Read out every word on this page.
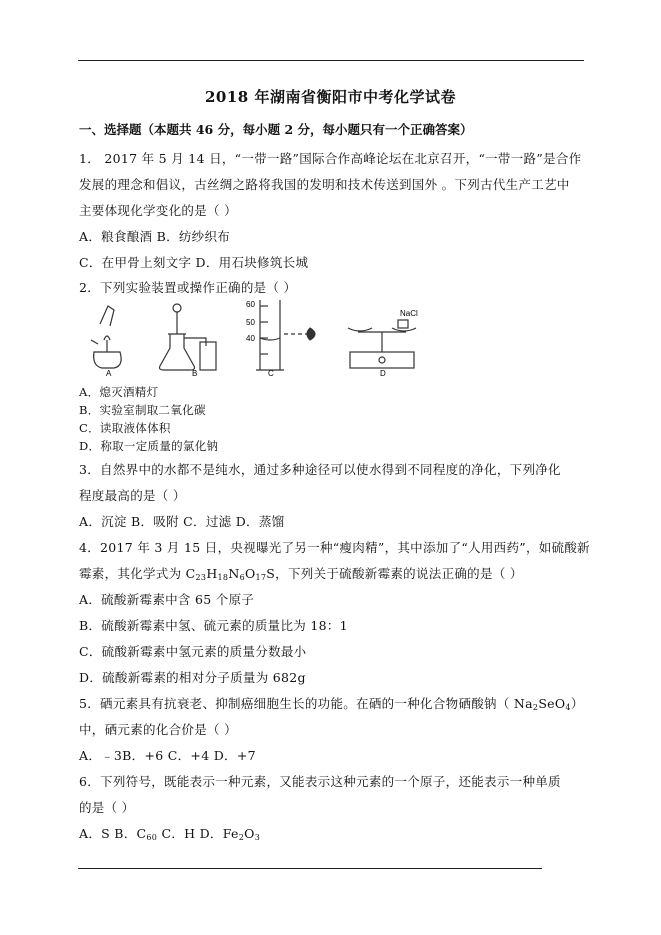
2018 年湖南省衡阳市中考化学试卷
一、选择题（本题共 46 分，每小题 2 分，每小题只有一个正确答案）
1． 2017 年 5 月 14 日，“一带一路”国际合作高峰论坛在北京召开，“一带一路”是合作
发展的理念和倡议，古丝绸之路将我国的发明和技术传送到国外 。下列古代生产工艺中
主要体现化学变化的是（ ）
A．粮食酿酒 B．纺纱织布
C．在甲骨上刻文字 D．用石块修筑长城
2．下列实验装置或操作正确的是（ ）
A	B	C	D
60
50
40
NaCl
A．熄灭酒精灯
B．实验室制取二氧化碳
C．读取液体体积
D．称取一定质量的氯化钠
3．自然界中的水都不是纯水，通过多种途径可以使水得到不同程度的净化，下列净化
程度最高的是（ ）
A．沉淀 B．吸附 C．过滤 D．蒸馏
4．2017 年 3 月 15 日，央视曝光了另一种“瘦肉精”，其中添加了“人用西药”，如硫酸新
霉素，其化学式为 $C_{23}H_{18}N_6O_{17}S$，下列关于硫酸新霉素的说法正确的是（ ）
A．硫酸新霉素中含 65 个原子
B．硫酸新霉素中氢、硫元素的质量比为 18：1
C．硫酸新霉素中氢元素的质量分数最小
D．硫酸新霉素的相对分子质量为 682g
5．硒元素具有抗衰老、抑制癌细胞生长的功能。在硒的一种化合物硒酸钠（ $Na_2SeO_4$）
中，硒元素的化合价是（ ）
A．﹣3B．+6 C．+4 D．+7
6．下列符号，既能表示一种元素，又能表示这种元素的一个原子，还能表示一种单质
的是（ ）
A．S B．$C_{60}$ C．H D．$Fe_2O_3$
